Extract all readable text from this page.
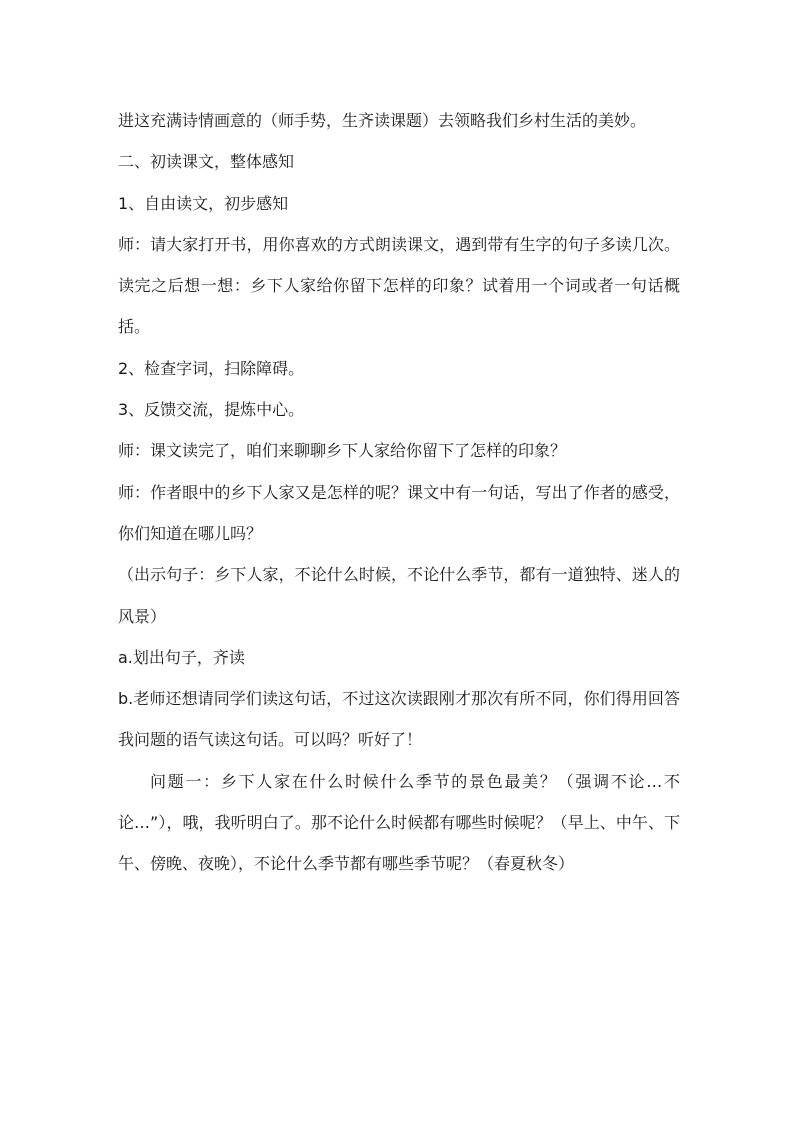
进这充满诗情画意的（师手势，生齐读课题）去领略我们乡村生活的美妙。

二、初读课文，整体感知

1、自由读文，初步感知

师：请大家打开书，用你喜欢的方式朗读课文，遇到带有生字的句子多读几次。读完之后想一想：乡下人家给你留下怎样的印象？试着用一个词或者一句话概括。

2、检查字词，扫除障碍。

3、反馈交流，提炼中心。

师：课文读完了，咱们来聊聊乡下人家给你留下了怎样的印象？

师：作者眼中的乡下人家又是怎样的呢？课文中有一句话，写出了作者的感受，你们知道在哪儿吗？

（出示句子：乡下人家，不论什么时候，不论什么季节，都有一道独特、迷人的风景）

a.划出句子，齐读

b.老师还想请同学们读这句话，不过这次读跟刚才那次有所不同，你们得用回答我问题的语气读这句话。可以吗？听好了！

问题一：乡下人家在什么时候什么季节的景色最美？（强调不论…不论…”），哦，我听明白了。那不论什么时候都有哪些时候呢？（早上、中午、下午、傍晚、夜晚），不论什么季节都有哪些季节呢？（春夏秋冬）
